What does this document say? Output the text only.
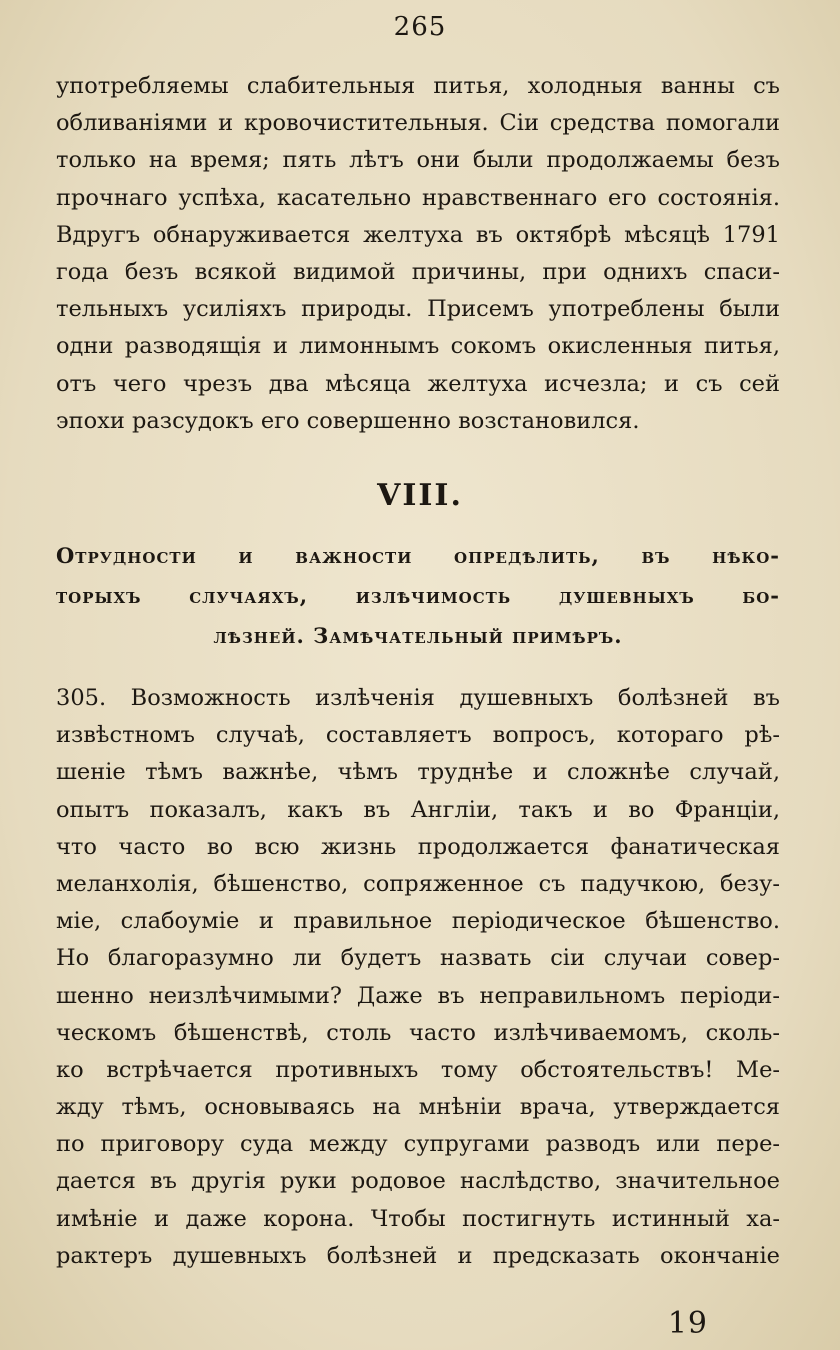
265
употребляемы слабительныя питья, холодныя ванны съ
обливанiями и кровочистительныя. Сiи средства помогали
только на время; пять лѣтъ они были продолжаемы безъ
прочнаго успѣха, касательно нравственнаго его состоянiя.
Вдругъ обнаруживается желтуха въ октябрѣ мѣсяцѣ 1791
года безъ всякой видимой причины, при однихъ спаси-
тельныхъ усилiяхъ природы. Присемъ употреблены были
одни разводящiя и лимоннымъ сокомъ окисленныя питья,
отъ чего чрезъ два мѣсяца желтуха исчезла; и съ сей
эпохи разсудокъ его совершенно возстановился.
VIII.
Отрудности и важности опредѣлить, въ нѣко-
торыхъ случаяхъ, излѣчимость душевныхъ бо-
лѣзней. Замѣчательный примѣръ.
305. Возможность излѣченiя душевныхъ болѣзней въ
извѣстномъ случаѣ, составляетъ вопросъ, котораго рѣ-
шенiе тѣмъ важнѣе, чѣмъ труднѣе и сложнѣе случай,
опытъ показалъ, какъ въ Англiи, такъ и во Францiи,
что часто во всю жизнь продолжается фанатическая
меланхолiя, бѣшенство, сопряженное съ падучкою, безу-
мiе, слабоумiе и правильное перiодическое бѣшенство.
Но благоразумно ли будетъ назвать сiи случаи совер-
шенно неизлѣчимыми? Даже въ неправильномъ перiоди-
ческомъ бѣшенствѣ, столь часто излѣчиваемомъ, сколь-
ко встрѣчается противныхъ тому обстоятельствъ! Ме-
жду тѣмъ, основываясь на мнѣнiи врача, утверждается
по приговору суда между супругами разводъ или пере-
дается въ другiя руки родовое наслѣдство, значительное
имѣнiе и даже корона. Чтобы постигнуть истинный ха-
рактеръ душевныхъ болѣзней и предсказать окончанiе
19
